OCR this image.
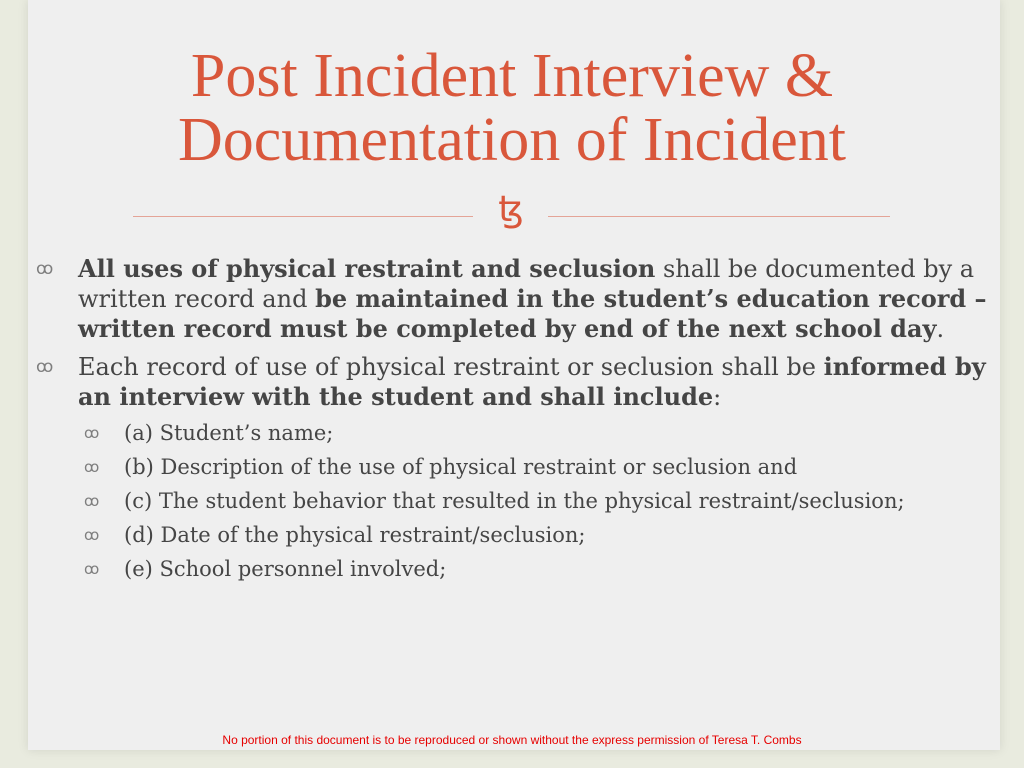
Post Incident Interview &
Documentation of Incident
ꜩ
ꝏ	All uses of physical restraint and seclusion shall be documented by a written record and be maintained in the student’s education record – written record must be completed by end of the next school day.
ꝏ	Each record of use of physical restraint or seclusion shall be informed by an interview with the student and shall include:
ꝏ	(a) Student’s name;
ꝏ	(b) Description of the use of physical restraint or seclusion and
ꝏ	(c) The student behavior that resulted in the physical restraint/seclusion;
ꝏ	(d) Date of the physical restraint/seclusion;
ꝏ	(e) School personnel involved;
No portion of this document is to be reproduced or shown without the express permission of Teresa T. Combs
